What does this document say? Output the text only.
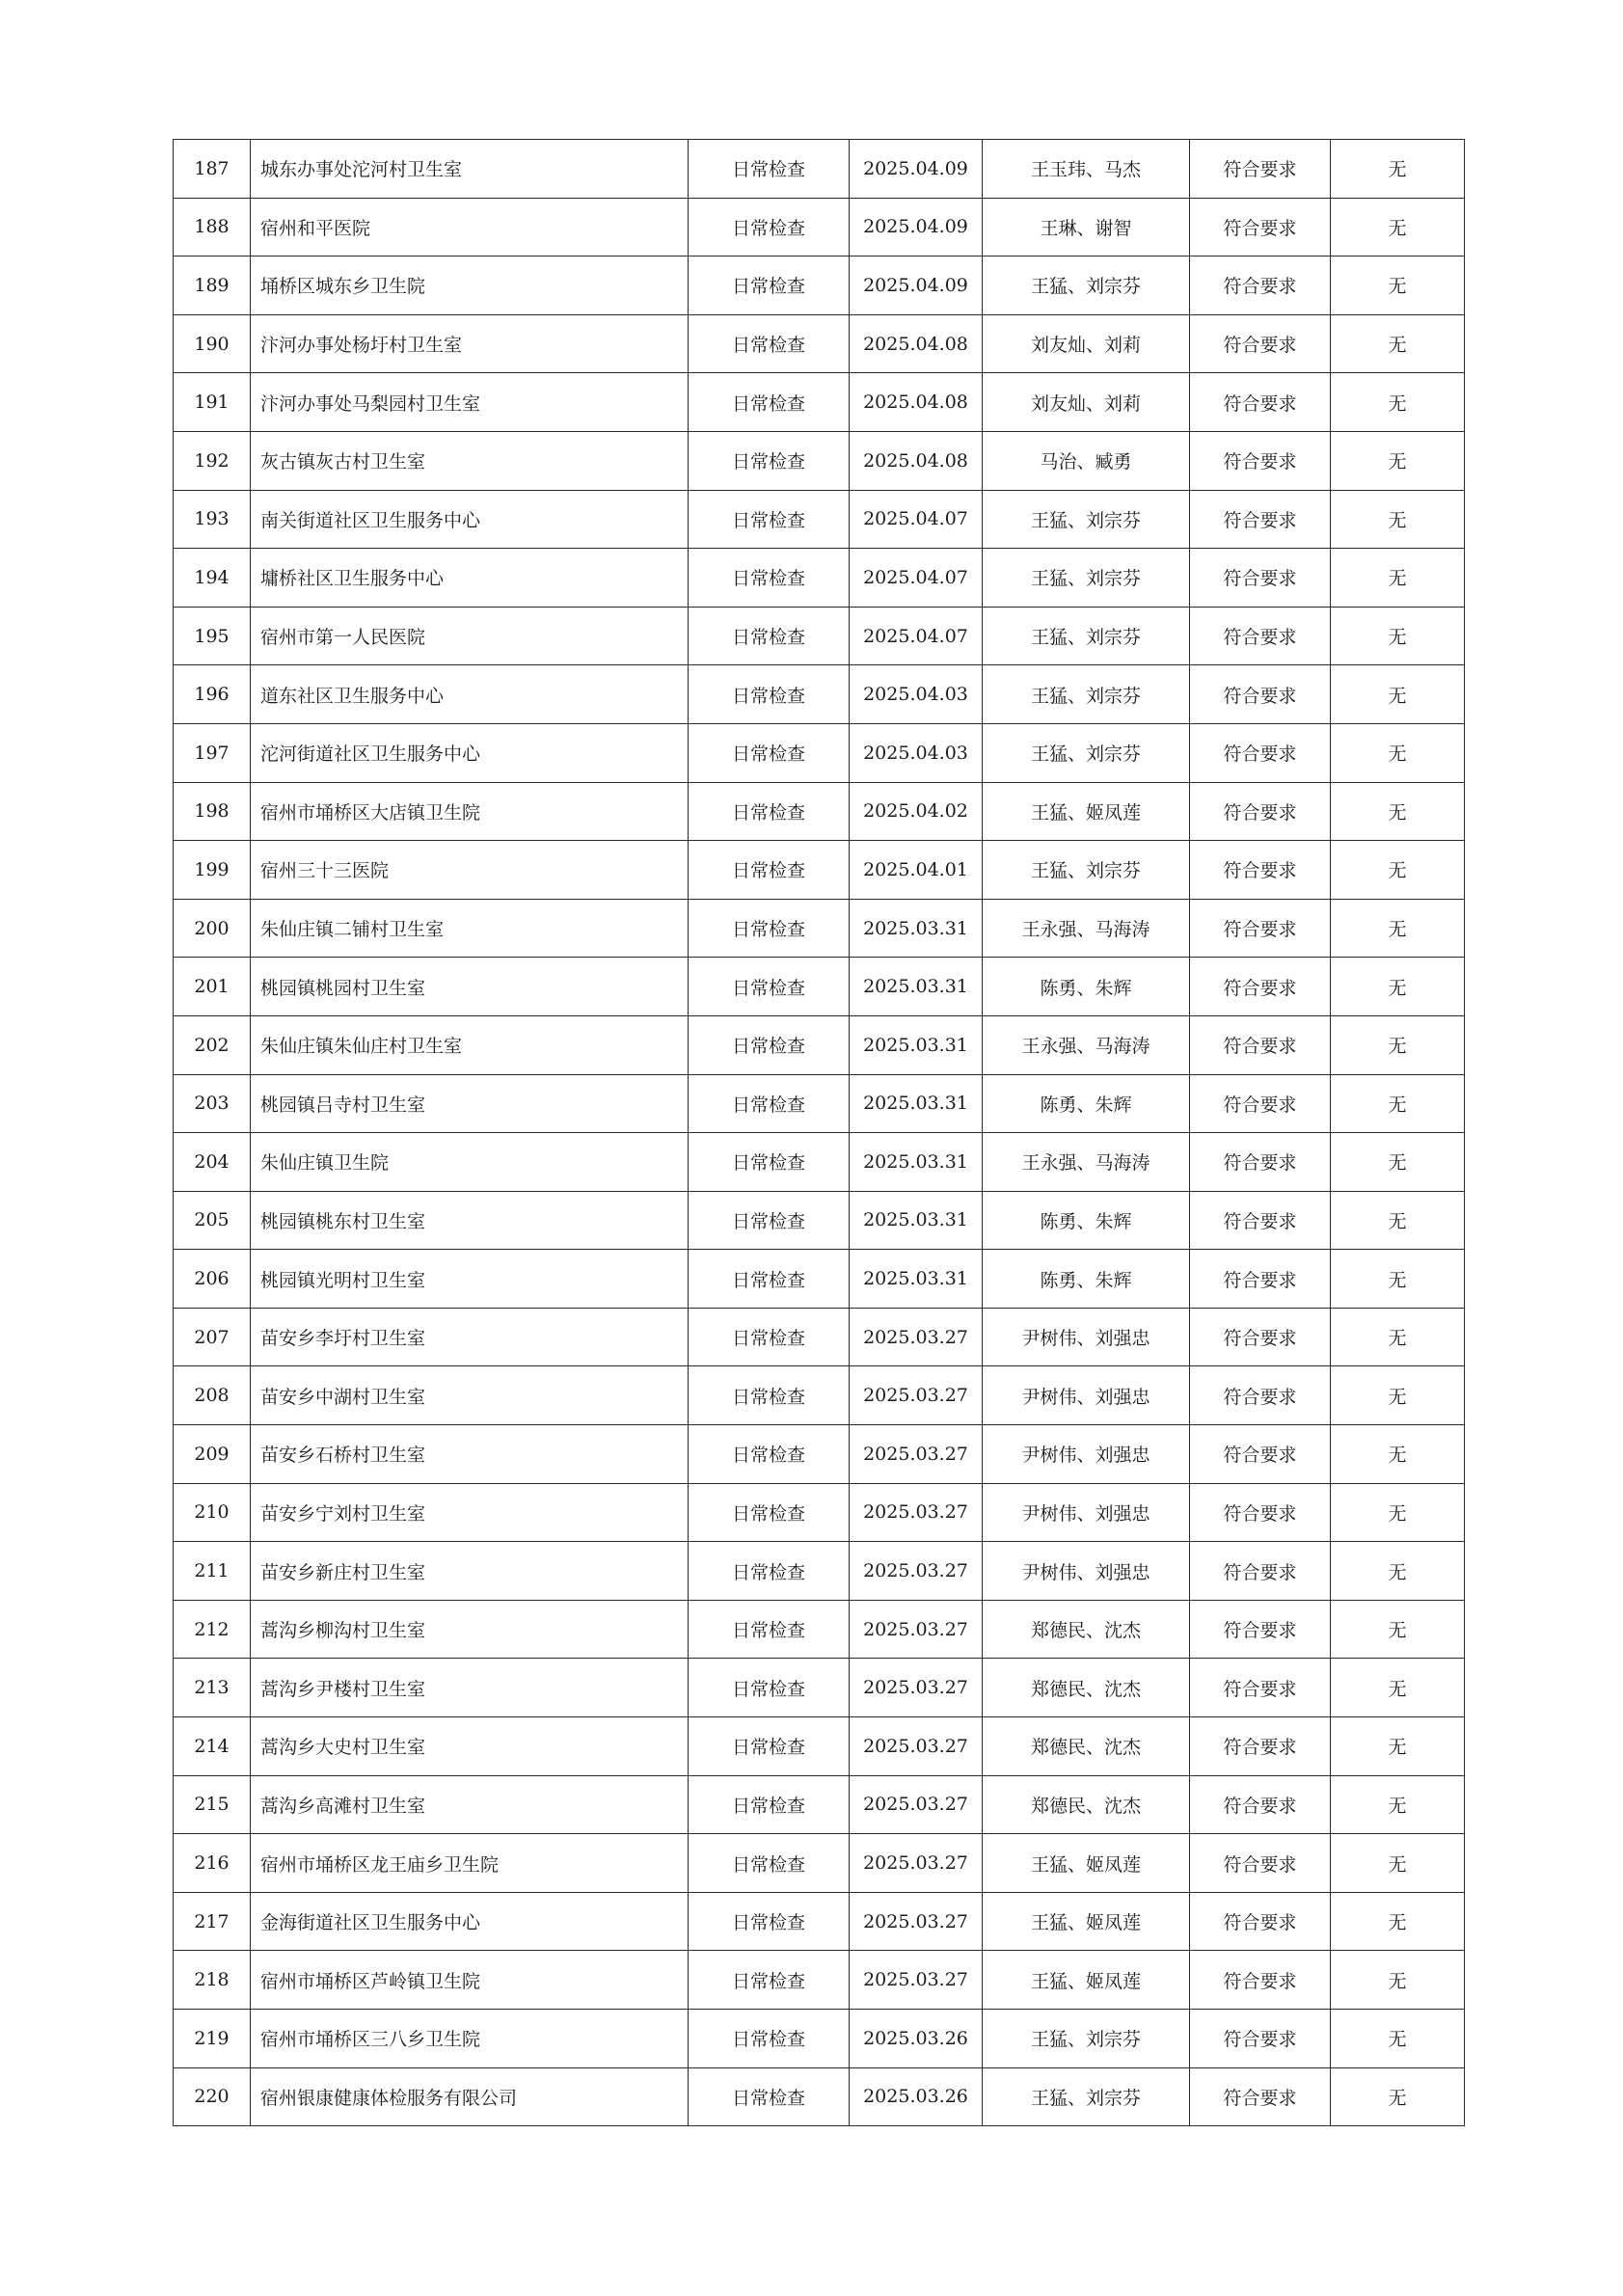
187	城东办事处沱河村卫生室	日常检查	2025.04.09	王玉玮、马杰	符合要求	无
188	宿州和平医院	日常检查	2025.04.09	王琳、谢智	符合要求	无
189	埇桥区城东乡卫生院	日常检查	2025.04.09	王猛、刘宗芬	符合要求	无
190	汴河办事处杨圩村卫生室	日常检查	2025.04.08	刘友灿、刘莉	符合要求	无
191	汴河办事处马梨园村卫生室	日常检查	2025.04.08	刘友灿、刘莉	符合要求	无
192	灰古镇灰古村卫生室	日常检查	2025.04.08	马治、臧勇	符合要求	无
193	南关街道社区卫生服务中心	日常检查	2025.04.07	王猛、刘宗芬	符合要求	无
194	墉桥社区卫生服务中心	日常检查	2025.04.07	王猛、刘宗芬	符合要求	无
195	宿州市第一人民医院	日常检查	2025.04.07	王猛、刘宗芬	符合要求	无
196	道东社区卫生服务中心	日常检查	2025.04.03	王猛、刘宗芬	符合要求	无
197	沱河街道社区卫生服务中心	日常检查	2025.04.03	王猛、刘宗芬	符合要求	无
198	宿州市埇桥区大店镇卫生院	日常检查	2025.04.02	王猛、姬凤莲	符合要求	无
199	宿州三十三医院	日常检查	2025.04.01	王猛、刘宗芬	符合要求	无
200	朱仙庄镇二铺村卫生室	日常检查	2025.03.31	王永强、马海涛	符合要求	无
201	桃园镇桃园村卫生室	日常检查	2025.03.31	陈勇、朱辉	符合要求	无
202	朱仙庄镇朱仙庄村卫生室	日常检查	2025.03.31	王永强、马海涛	符合要求	无
203	桃园镇吕寺村卫生室	日常检查	2025.03.31	陈勇、朱辉	符合要求	无
204	朱仙庄镇卫生院	日常检查	2025.03.31	王永强、马海涛	符合要求	无
205	桃园镇桃东村卫生室	日常检查	2025.03.31	陈勇、朱辉	符合要求	无
206	桃园镇光明村卫生室	日常检查	2025.03.31	陈勇、朱辉	符合要求	无
207	苗安乡李圩村卫生室	日常检查	2025.03.27	尹树伟、刘强忠	符合要求	无
208	苗安乡中湖村卫生室	日常检查	2025.03.27	尹树伟、刘强忠	符合要求	无
209	苗安乡石桥村卫生室	日常检查	2025.03.27	尹树伟、刘强忠	符合要求	无
210	苗安乡宁刘村卫生室	日常检查	2025.03.27	尹树伟、刘强忠	符合要求	无
211	苗安乡新庄村卫生室	日常检查	2025.03.27	尹树伟、刘强忠	符合要求	无
212	蒿沟乡柳沟村卫生室	日常检查	2025.03.27	郑德民、沈杰	符合要求	无
213	蒿沟乡尹楼村卫生室	日常检查	2025.03.27	郑德民、沈杰	符合要求	无
214	蒿沟乡大史村卫生室	日常检查	2025.03.27	郑德民、沈杰	符合要求	无
215	蒿沟乡高滩村卫生室	日常检查	2025.03.27	郑德民、沈杰	符合要求	无
216	宿州市埇桥区龙王庙乡卫生院	日常检查	2025.03.27	王猛、姬凤莲	符合要求	无
217	金海街道社区卫生服务中心	日常检查	2025.03.27	王猛、姬凤莲	符合要求	无
218	宿州市埇桥区芦岭镇卫生院	日常检查	2025.03.27	王猛、姬凤莲	符合要求	无
219	宿州市埇桥区三八乡卫生院	日常检查	2025.03.26	王猛、刘宗芬	符合要求	无
220	宿州银康健康体检服务有限公司	日常检查	2025.03.26	王猛、刘宗芬	符合要求	无
